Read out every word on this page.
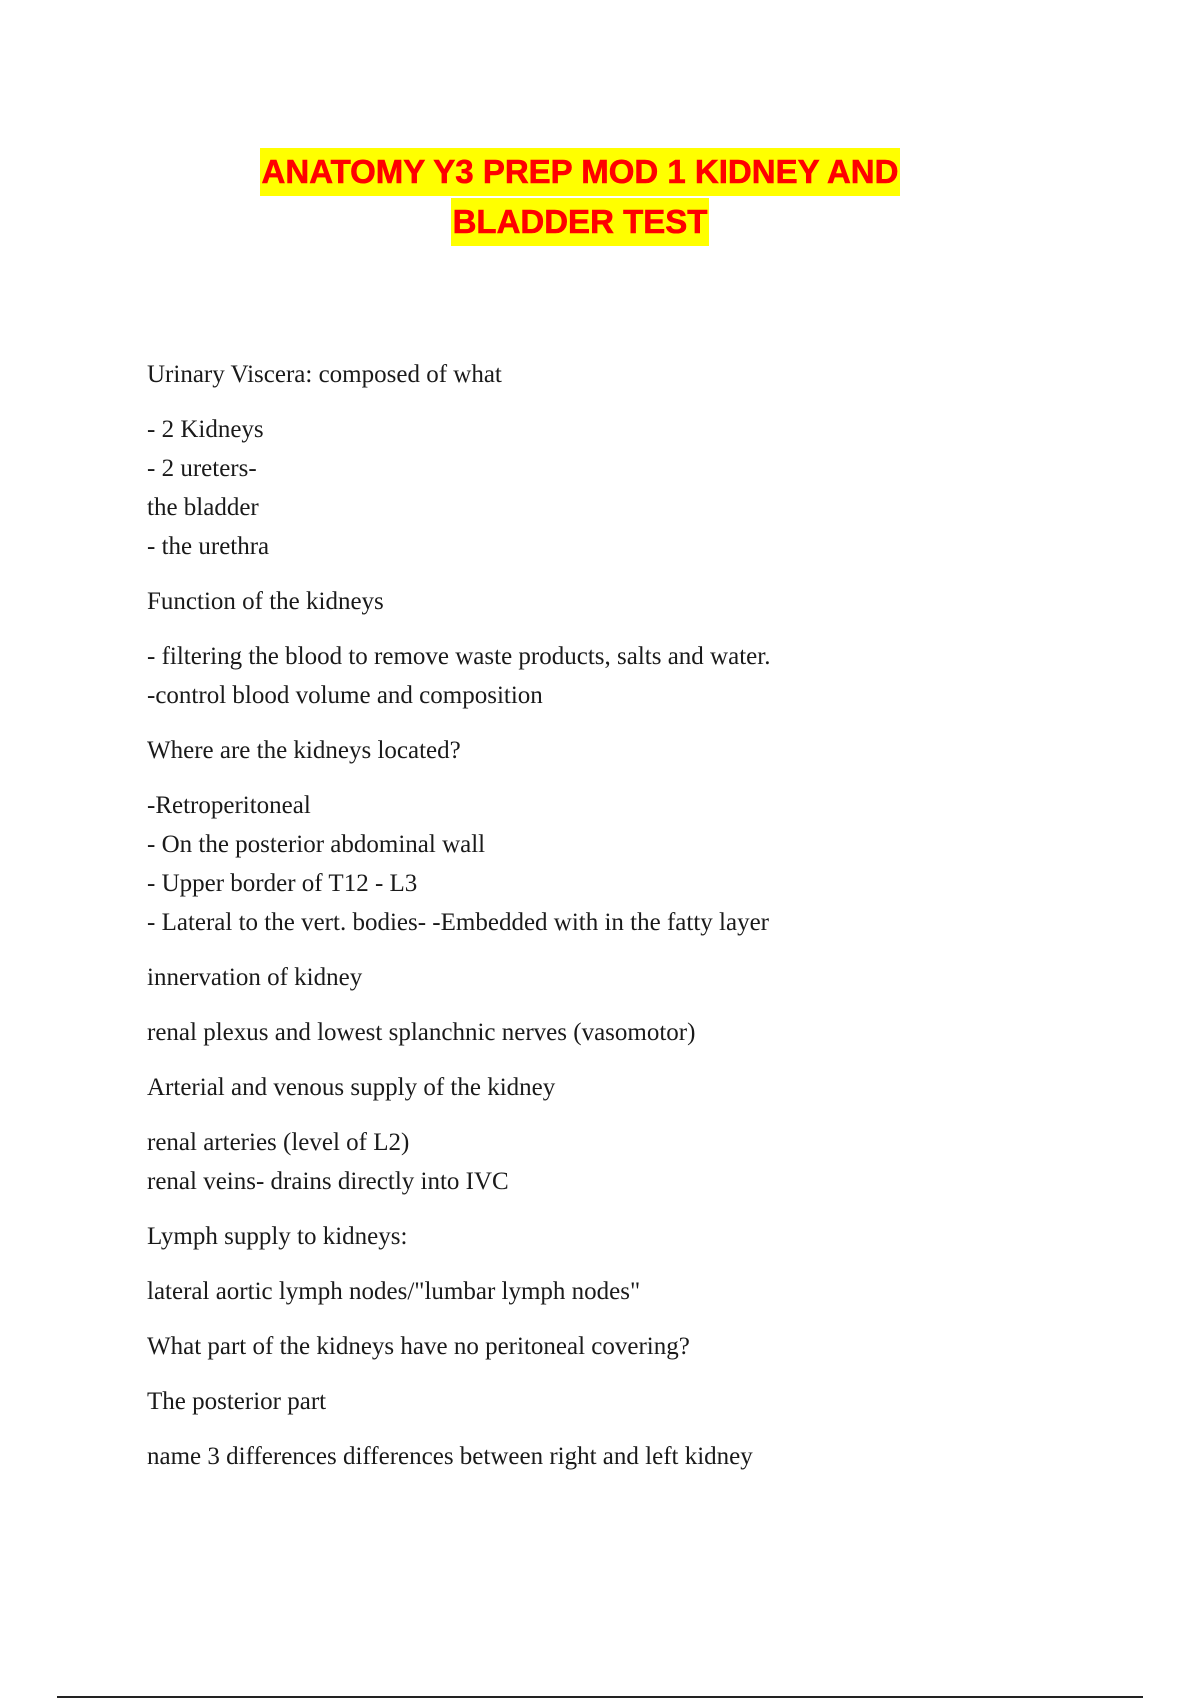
ANATOMY Y3 PREP MOD 1 KIDNEY AND
BLADDER TEST
Urinary Viscera: composed of what
- 2 Kidneys
- 2 ureters-
the bladder
- the urethra
Function of the kidneys
- filtering the blood to remove waste products, salts and water.
-control blood volume and composition
Where are the kidneys located?
-Retroperitoneal
- On the posterior abdominal wall
- Upper border of T12 - L3
- Lateral to the vert. bodies- -Embedded with in the fatty layer
innervation of kidney
renal plexus and lowest splanchnic nerves (vasomotor)
Arterial and venous supply of the kidney
renal arteries (level of L2)
renal veins- drains directly into IVC
Lymph supply to kidneys:
lateral aortic lymph nodes/"lumbar lymph nodes"
What part of the kidneys have no peritoneal covering?
The posterior part
name 3 differences differences between right and left kidney
